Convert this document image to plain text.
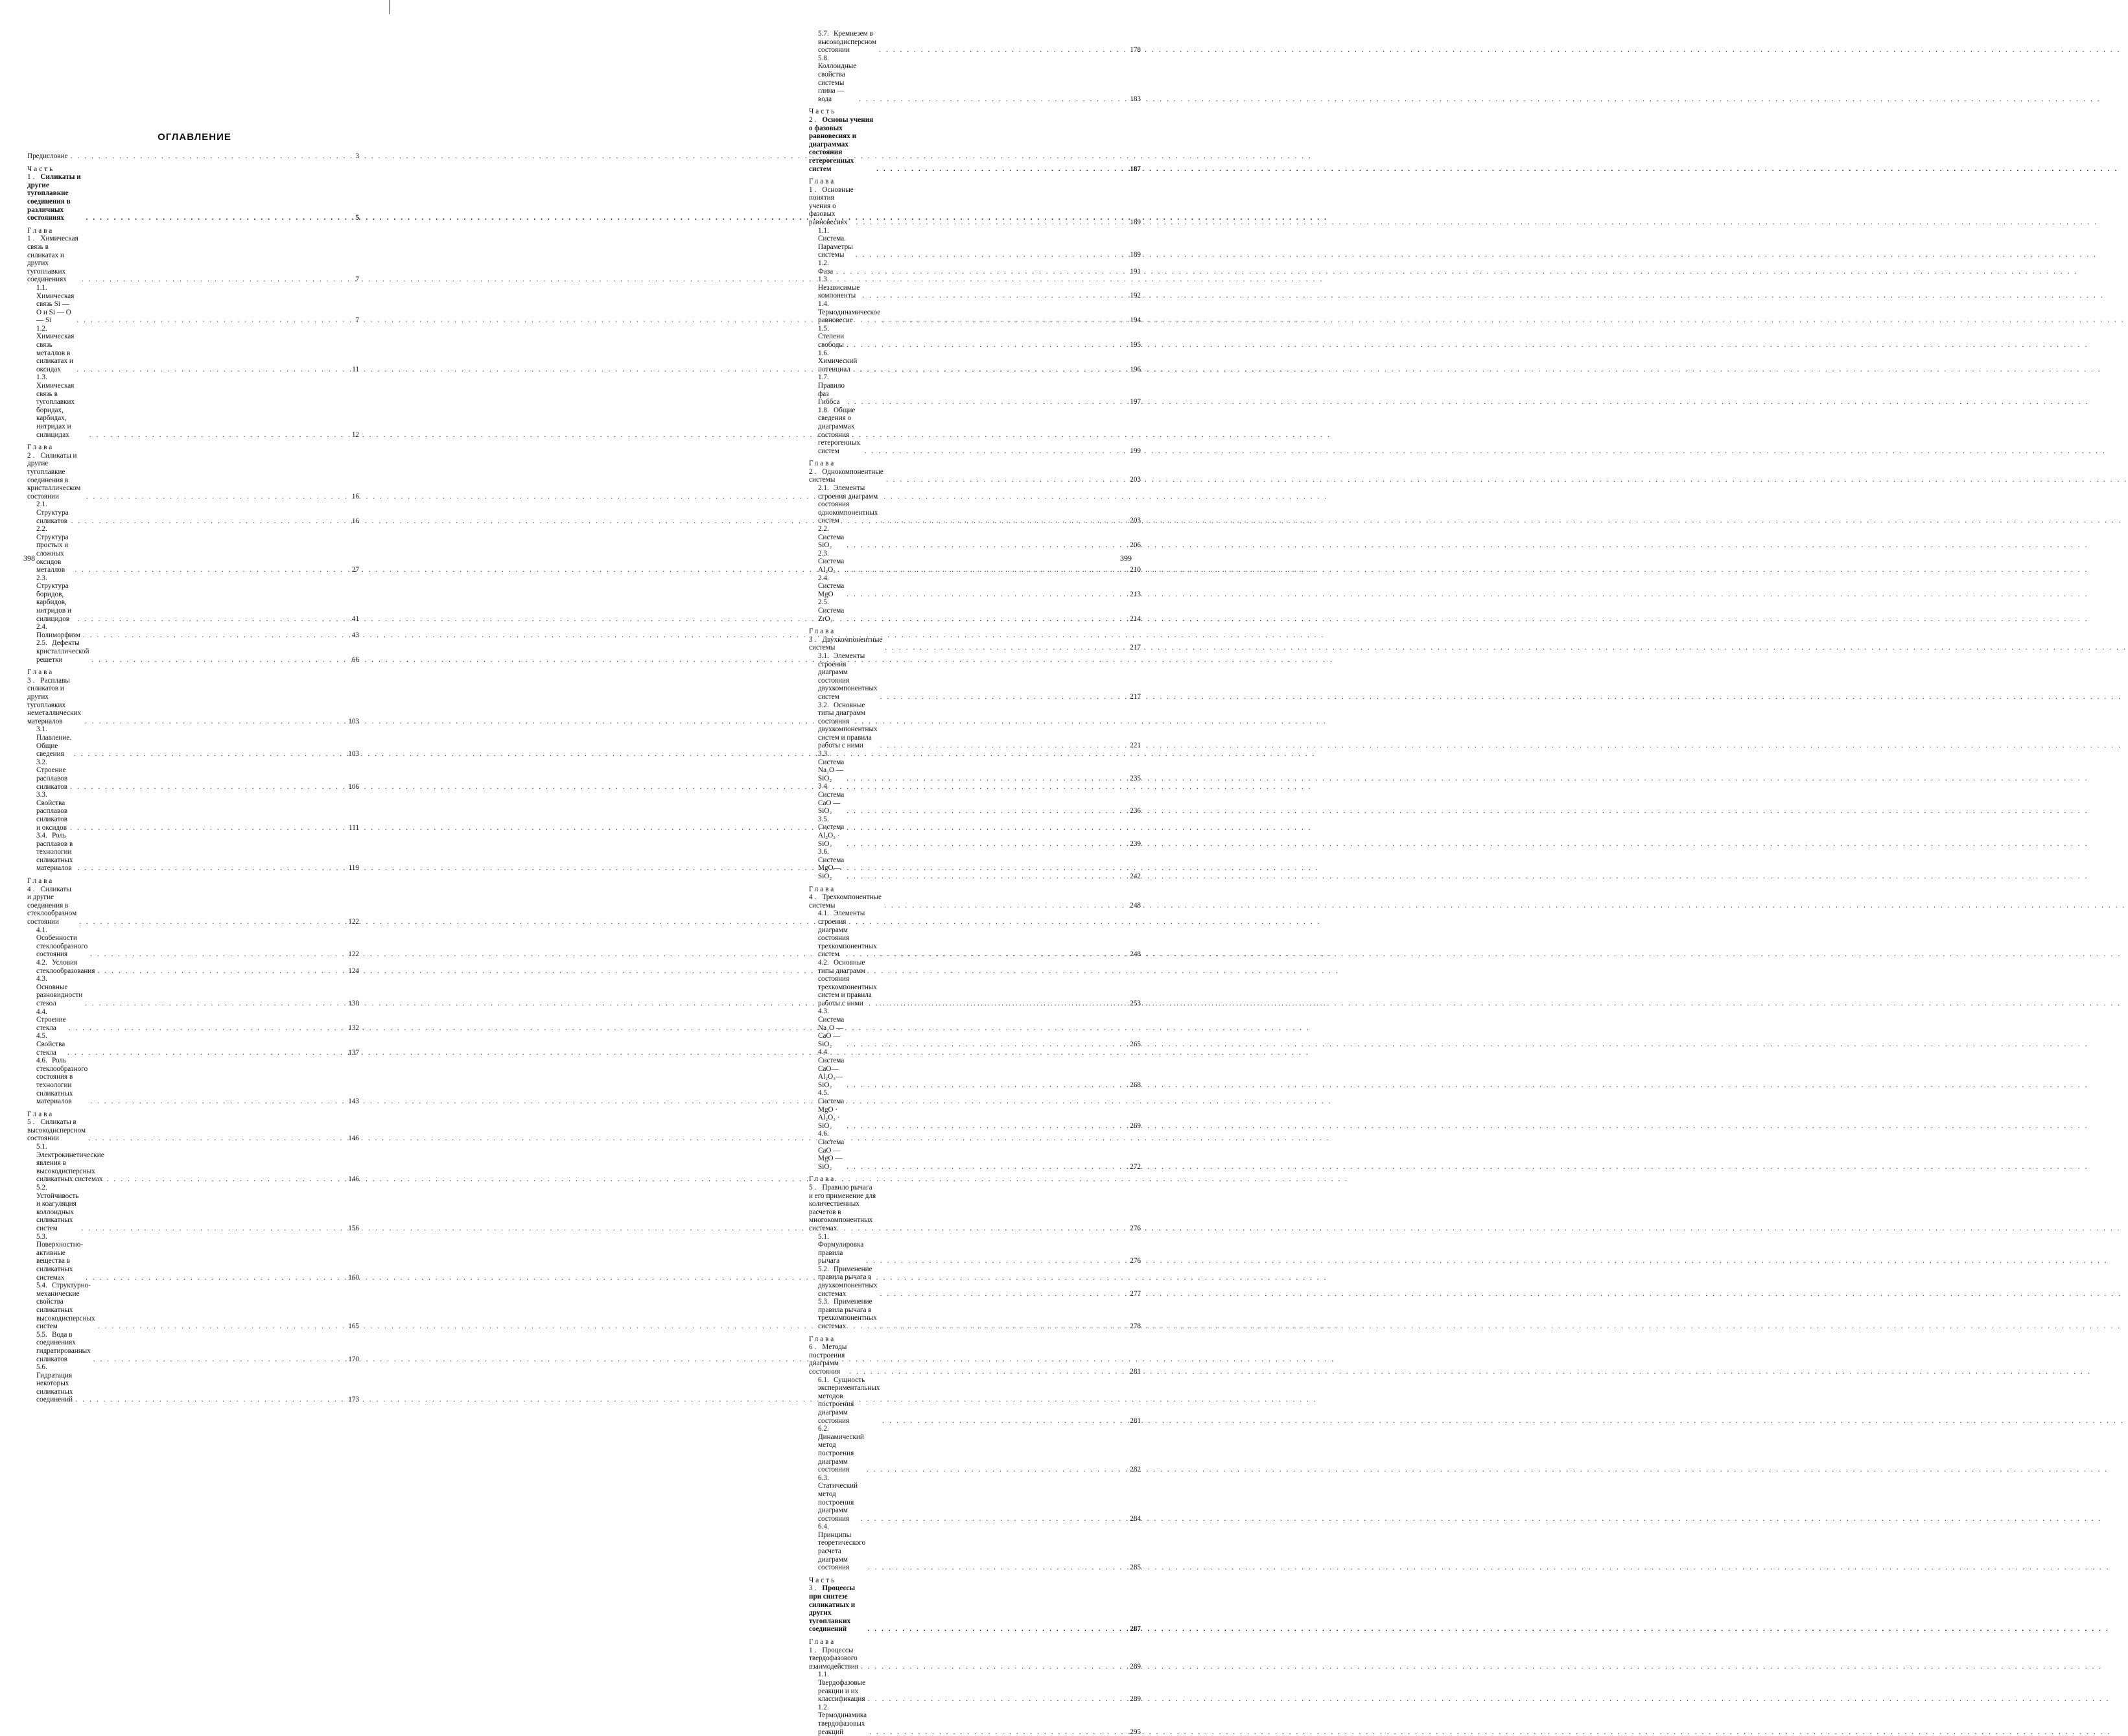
ОГЛАВЛЕНИЕ
Предисловие . . .	3
Часть 1. Силикаты и другие тугоплавкие соединения в различных состояниях . . .	5
Глава 1. Химическая связь в силикатах и других тугоплавких соединениях . . .	7
1.1.Химическая связь Si — O и Si — O — Si . . .	7
1.2.Химическая связь металлов в силикатах и оксидах . . .	11
1.3.Химическая связь в тугоплавких боридах, карбидах, нитридах и силицидах . . .	12
Глава 2. Силикаты и другие тугоплавкие соединения в кристаллическом состоянии . . .	16
2.1.Структура силикатов . . .	16
2.2.Структура простых и сложных оксидов металлов . . .	27
2.3.Структура боридов, карбидов, нитридов и силицидов . . .	41
2.4.Полиморфизм . . .	43
2.5. Дефекты кристаллической решетки . . .	66
Глава 3. Расплавы силикатов и других тугоплавких неметаллических материалов . . .	103
3.1.Плавление. Общие сведения . . .	103
3.2.Строение расплавов силикатов . . .	106
3.3.Свойства расплавов силикатов и оксидов . . .	111
3.4. Роль расплавов в технологии силикатных материалов . . .	119
Глава 4. Силикаты и другие соединения в стеклообразном состоянии . . .	122
4.1.Особенности стеклообразного состояния . . .	122
4.2. Условия стеклообразования . . .	124
4.3.Основные разновидности стекол . . .	130
4.4.Строение стекла . . .	132
4.5.Свойства стекла . . .	137
4.6. Роль стеклообразного состояния в технологии силикатных материалов . . .	143
Глава 5. Силикаты в высокодисперсном состоянии . . .	146
5.1.Электрокинетические явления в высокодисперсных силикатных системах . . .	146
5.2.Устойчивость и коагуляция коллоидных силикатных систем . . .	156
5.3.Поверхностно-активные вещества в силикатных системах . . .	160
5.4. Структурно-механические свойства силикатных высокодисперсных систем . . .	165
5.5. Вода в соединениях гидратированных силикатов . . .	170
5.6.Гидратация некоторых силикатных соединений . . .	173
398
5.7. Кремнезем в высокодисперсном состоянии . . .	178
5.8.Коллоидные свойства системы глина — вода . . .	183
Часть 2. Основы учения о фазовых равновесиях и диаграммах состояния гетерогенных систем . . .	187
Глава 1. Основные понятия учения о фазовых равновесиях . . .	189
1.1.Система. Параметры системы . . .	189
1.2.Фаза . . .	191
1.3.Независимые компоненты . . .	192
1.4.Термодинамическое равновесие . . .	194
1.5.Степени свободы . . .	195
1.6.Химический потенциал . . .	196
1.7.Правило фаз Гиббса . . .	197
1.8. Общие сведения о диаграммах состояния гетерогенных систем . . .	199
Глава 2. Однокомпонентные системы . . .	203
2.1. Элементы строения диаграмм состояния однокомпонентных систем . . .	203
2.2.Система SiO₂ . . .	206
2.3.Система Al₂O₃ . . .	210
2.4.Система MgO . . .	213
2.5.Система ZrO₂ . . .	214
Глава 3. Двухкомпонентные системы . . .	217
3.1. Элементы строения диаграмм состояния двухкомпонентных систем . . .	217
3.2. Основные типы диаграмм состояния двухкомпонентных систем и правила работы с ними . . .	221
3.3.Система Na₂O — SiO₂ . . .	235
3.4.Система CaO — SiO₂ . . .	236
3.5.Система Al₂O₃ · SiO₂ . . .	239
3.6.Система MgO—SiO₂ . . .	242
Глава 4. Трехкомпонентные системы . . .	248
4.1. Элементы строения диаграмм состояния трехкомпонентных систем . . .	248
4.2. Основные типы диаграмм состояния трехкомпонентных систем и правила работы с ними . . .	253
4.3.Система Na₂O — CaO — SiO₂ . . .	265
4.4.Система CaO—Al₂O₃—SiO₂ . . .	268
4.5.Система MgO · Al₂O₃ · SiO₂ . . .	269
4.6.Система CaO — MgO — SiO₂ . . .	272
Глава 5. Правило рычага и его применение для количественных расчетов в многокомпонентных системах . . .	276
5.1.Формулировка правила рычага . . .	276
5.2. Применение правила рычага в двухкомпонентных системах . . .	277
5.3. Применение правила рычага в трехкомпонентных системах . . .	278
Глава 6. Методы построения диаграмм состояния . . .	281
6.1. Сущность экспериментальных методов построения диаграмм состояния . . .	281
6.2.Динамический метод построения диаграмм состояния . . .	282
6.3.Статический метод построения диаграмм состояния . . .	284
6.4.Принципы теоретического расчета диаграмм состояния . . .	285
Часть 3. Процессы при синтезе силикатных и других тугоплавких соединений . . .	287
Глава 1. Процессы твердофазового взаимодействия . . .	289
1.1.Твердофазовые реакции и их классификация . . .	289
1.2.Термодинамика твердофазовых реакций . . .	295
399
